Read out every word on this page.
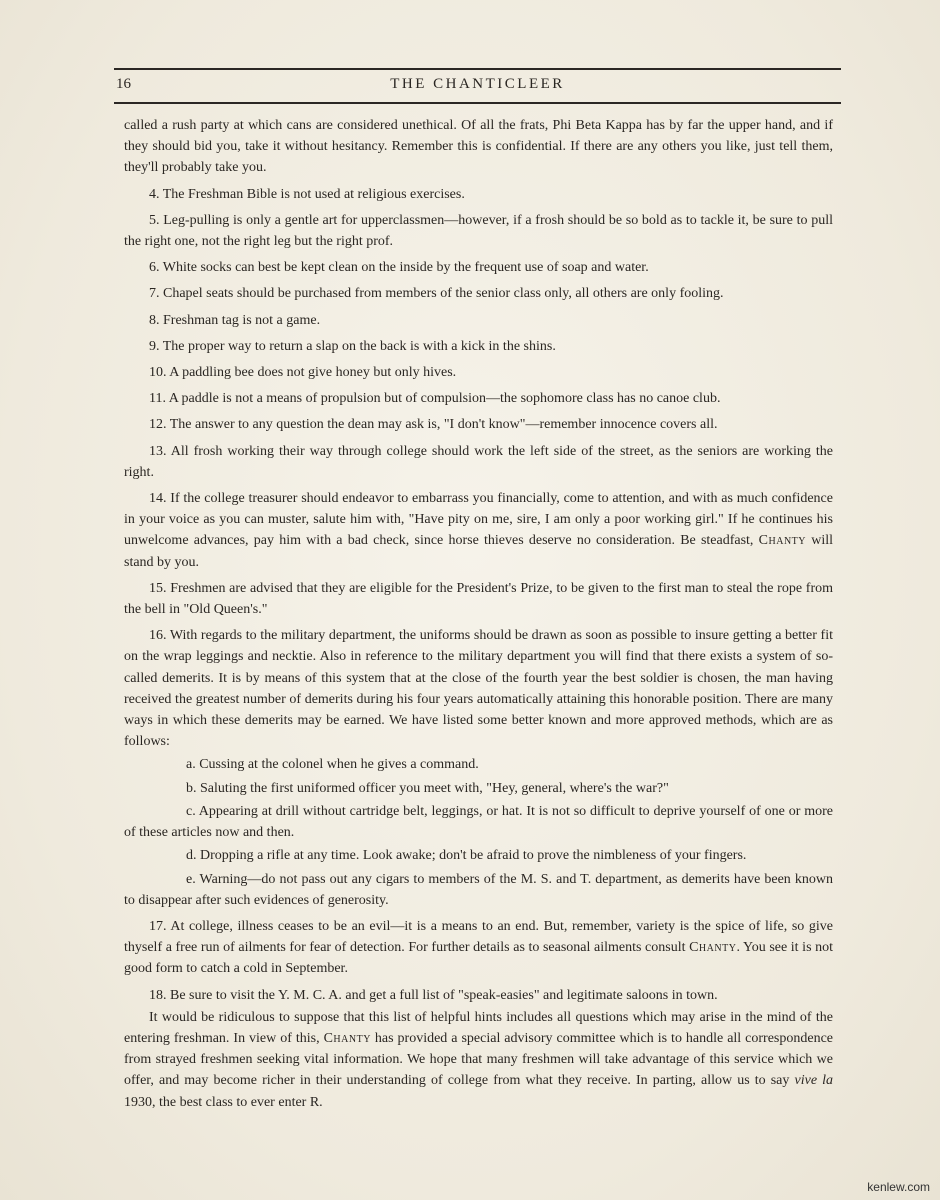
16	THE CHANTICLEER

called a rush party at which cans are considered unethical. Of all the frats, Phi Beta Kappa has by far the upper hand, and if they should bid you, take it without hesitancy. Remember this is confidential. If there are any others you like, just tell them, they'll probably take you.

4. The Freshman Bible is not used at religious exercises.

5. Leg-pulling is only a gentle art for upperclassmen—however, if a frosh should be so bold as to tackle it, be sure to pull the right one, not the right leg but the right prof.

6. White socks can best be kept clean on the inside by the frequent use of soap and water.

7. Chapel seats should be purchased from members of the senior class only, all others are only fooling.

8. Freshman tag is not a game.

9. The proper way to return a slap on the back is with a kick in the shins.

10. A paddling bee does not give honey but only hives.

11. A paddle is not a means of propulsion but of compulsion—the sophomore class has no canoe club.

12. The answer to any question the dean may ask is, "I don't know"—remember innocence covers all.

13. All frosh working their way through college should work the left side of the street, as the seniors are working the right.

14. If the college treasurer should endeavor to embarrass you financially, come to attention, and with as much confidence in your voice as you can muster, salute him with, "Have pity on me, sire, I am only a poor working girl." If he continues his unwelcome advances, pay him with a bad check, since horse thieves deserve no consideration. Be steadfast, Chanty will stand by you.

15. Freshmen are advised that they are eligible for the President's Prize, to be given to the first man to steal the rope from the bell in "Old Queen's."

16. With regards to the military department, the uniforms should be drawn as soon as possible to insure getting a better fit on the wrap leggings and necktie. Also in reference to the military department you will find that there exists a system of so-called demerits. It is by means of this system that at the close of the fourth year the best soldier is chosen, the man having received the greatest number of demerits during his four years automatically attaining this honorable position. There are many ways in which these demerits may be earned. We have listed some better known and more approved methods, which are as follows:

a. Cussing at the colonel when he gives a command.

b. Saluting the first uniformed officer you meet with, "Hey, general, where's the war?"

c. Appearing at drill without cartridge belt, leggings, or hat. It is not so difficult to deprive yourself of one or more of these articles now and then.

d. Dropping a rifle at any time. Look awake; don't be afraid to prove the nimbleness of your fingers.

e. Warning—do not pass out any cigars to members of the M. S. and T. department, as demerits have been known to disappear after such evidences of generosity.

17. At college, illness ceases to be an evil—it is a means to an end. But, remember, variety is the spice of life, so give thyself a free run of ailments for fear of detection. For further details as to seasonal ailments consult Chanty. You see it is not good form to catch a cold in September.

18. Be sure to visit the Y. M. C. A. and get a full list of "speak-easies" and legitimate saloons in town.

It would be ridiculous to suppose that this list of helpful hints includes all questions which may arise in the mind of the entering freshman. In view of this, Chanty has provided a special advisory committee which is to handle all correspondence from strayed freshmen seeking vital information. We hope that many freshmen will take advantage of this service which we offer, and may become richer in their understanding of college from what they receive. In parting, allow us to say vive la 1930, the best class to ever enter R.

kenlew.com
